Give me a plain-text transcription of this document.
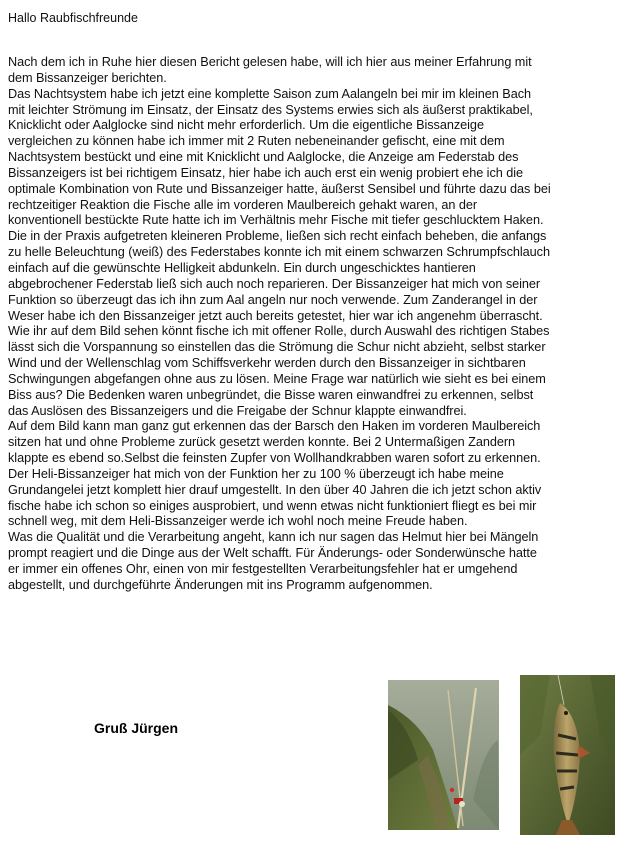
Hallo Raubfischfreunde
Nach dem ich in Ruhe hier diesen Bericht gelesen habe, will ich hier aus meiner Erfahrung mit
dem Bissanzeiger berichten.
Das Nachtsystem habe ich jetzt eine komplette Saison zum Aalangeln bei mir im kleinen Bach
mit leichter Strömung im Einsatz, der Einsatz des Systems erwies sich als äußerst praktikabel,
Knicklicht oder Aalglocke sind nicht mehr erforderlich. Um die eigentliche Bissanzeige
vergleichen zu können habe ich immer mit 2 Ruten nebeneinander gefischt, eine mit dem
Nachtsystem bestückt und eine mit Knicklicht und Aalglocke, die Anzeige am Federstab des
Bissanzeigers ist bei richtigem Einsatz, hier habe ich auch erst ein wenig probiert ehe ich die
optimale Kombination von Rute und Bissanzeiger hatte, äußerst Sensibel und führte dazu das bei
rechtzeitiger Reaktion die Fische alle im vorderen Maulbereich gehakt waren, an der
konventionell bestückte Rute hatte ich im Verhältnis mehr Fische mit tiefer geschlucktem Haken.
Die in der Praxis aufgetreten kleineren Probleme, ließen sich recht einfach beheben, die anfangs
zu helle Beleuchtung (weiß) des Federstabes konnte ich mit einem schwarzen Schrumpfschlauch
einfach auf die gewünschte Helligkeit abdunkeln. Ein durch ungeschicktes hantieren
abgebrochener Federstab ließ sich auch noch reparieren. Der Bissanzeiger hat mich von seiner
Funktion so überzeugt das ich ihn zum Aal angeln nur noch verwende. Zum Zanderangel in der
Weser habe ich den Bissanzeiger jetzt auch bereits getestet, hier war ich angenehm überrascht.
Wie ihr auf dem Bild sehen könnt fische ich mit offener Rolle, durch Auswahl des richtigen Stabes
lässt sich die Vorspannung so einstellen das die Strömung die Schur nicht abzieht, selbst starker
Wind und der Wellenschlag vom Schiffsverkehr werden durch den Bissanzeiger in sichtbaren
Schwingungen abgefangen ohne aus zu lösen. Meine Frage war natürlich wie sieht es bei einem
Biss aus? Die Bedenken waren unbegründet, die Bisse waren einwandfrei zu erkennen, selbst
das Auslösen des Bissanzeigers und die Freigabe der Schnur klappte einwandfrei.
Auf dem Bild kann man ganz gut erkennen das der Barsch den Haken im vorderen Maulbereich
sitzen hat und ohne Probleme zurück gesetzt werden konnte. Bei 2 Untermaßigen Zandern
klappte es ebend so.Selbst die feinsten Zupfer von Wollhandkrabben waren sofort zu erkennen.
Der Heli-Bissanzeiger hat mich von der Funktion her zu 100 % überzeugt ich habe meine
Grundangelei jetzt komplett hier drauf umgestellt. In den über 40 Jahren die ich jetzt schon aktiv
fische habe ich schon so einiges ausprobiert, und wenn etwas nicht funktioniert fliegt es bei mir
schnell weg, mit dem Heli-Bissanzeiger werde ich wohl noch meine Freude haben.
Was die Qualität und die Verarbeitung angeht, kann ich nur sagen das Helmut hier bei Mängeln
prompt reagiert und die Dinge aus der Welt schafft. Für Änderungs- oder Sonderwünsche hatte
er immer ein offenes Ohr, einen von mir festgestellten Verarbeitungsfehler hat er umgehend
abgestellt, und durchgeführte Änderungen mit ins Programm aufgenommen.
Gruß Jürgen
